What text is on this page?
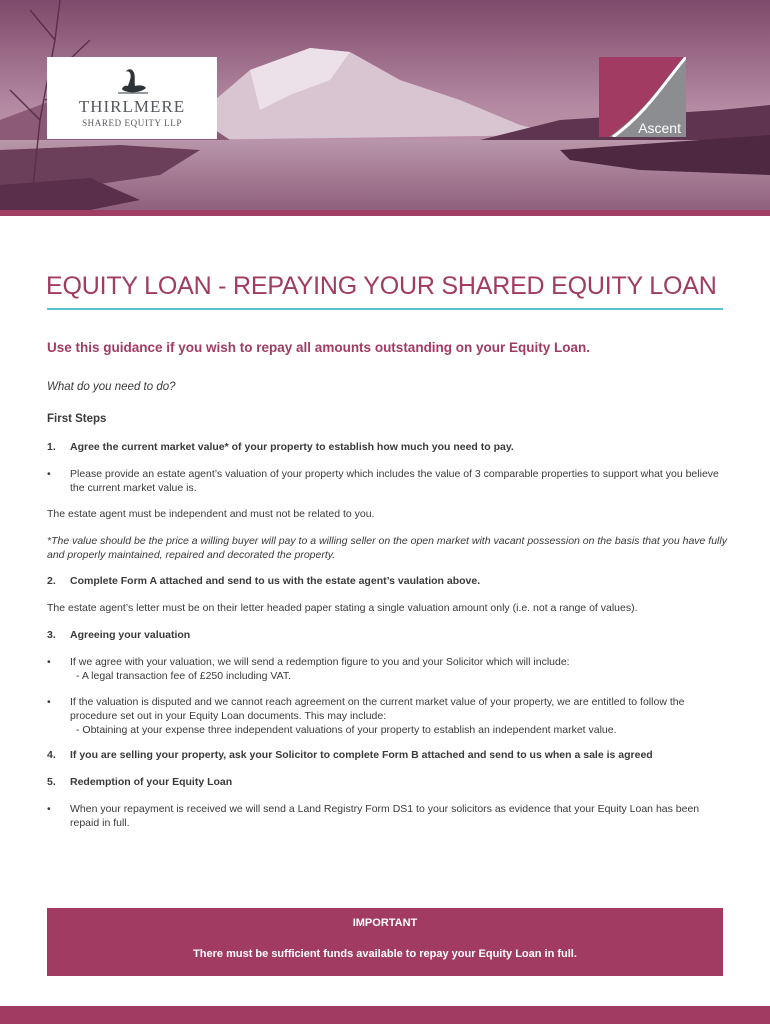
THIRLMERE
SHARED EQUITY LLP	Ascent
EQUITY LOAN - REPAYING YOUR SHARED EQUITY LOAN
Use this guidance if you wish to repay all amounts outstanding on your Equity Loan.
What do you need to do?
First Steps
1. Agree the current market value* of your property to establish how much you need to pay.
• Please provide an estate agent’s valuation of your property which includes the value of 3 comparable properties to support what you believe the current market value is.
The estate agent must be independent and must not be related to you.
*The value should be the price a willing buyer will pay to a willing seller on the open market with vacant possession on the basis that you have fully and properly maintained, repaired and decorated the property.
2. Complete Form A attached and send to us with the estate agent’s vaulation above.
The estate agent’s letter must be on their letter headed paper stating a single valuation amount only (i.e. not a range of values).
3. Agreeing your valuation
• If we agree with your valuation, we will send a redemption figure to you and your Solicitor which will include:
- A legal transaction fee of £250 including VAT.
• If the valuation is disputed and we cannot reach agreement on the current market value of your property, we are entitled to follow the procedure set out in your Equity Loan documents. This may include:
- Obtaining at your expense three independent valuations of your property to establish an independent market value.
4. If you are selling your property, ask your Solicitor to complete Form B attached and send to us when a sale is agreed
5. Redemption of your Equity Loan
• When your repayment is received we will send a Land Registry Form DS1 to your solicitors as evidence that your Equity Loan has been repaid in full.
IMPORTANT
There must be sufficient funds available to repay your Equity Loan in full.
